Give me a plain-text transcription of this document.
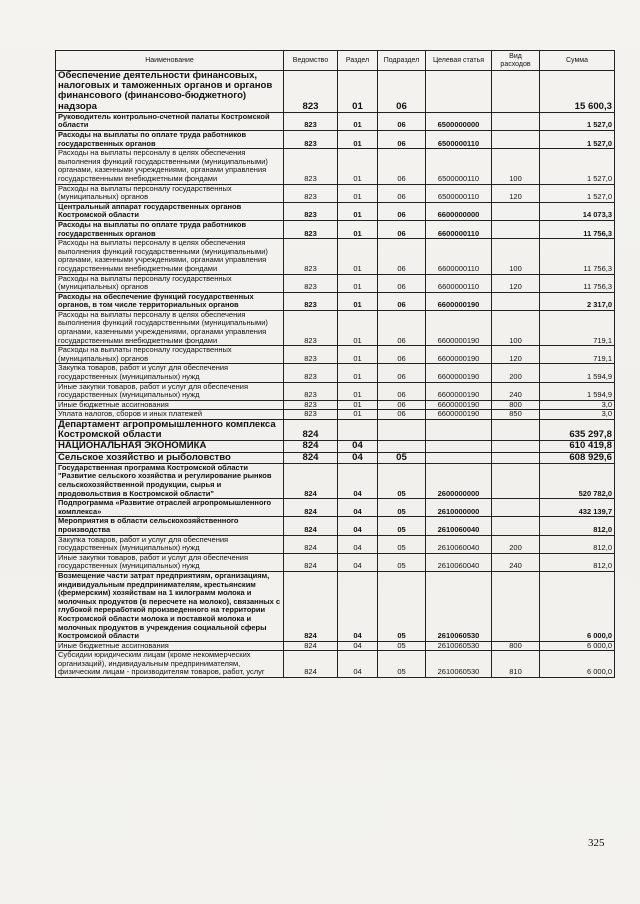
Наименование	Ведомство	Раздел	Подраздел	Целевая статья	Вид расходов	Сумма
Обеспечение деятельности финансовых, налоговых и таможенных органов и органов финансового (финансово-бюджетного) надзора	823	01	06			15 600,3
Руководитель контрольно-счетной палаты Костромской области	823	01	06	6500000000		1 527,0
Расходы на выплаты по оплате труда работников государственных органов	823	01	06	6500000110		1 527,0
Расходы на выплаты персоналу в целях обеспечения выполнения функций государственными (муниципальными) органами, казенными учреждениями, органами управления государственными внебюджетными фондами	823	01	06	6500000110	100	1 527,0
Расходы на выплаты персоналу государственных (муниципальных) органов	823	01	06	6500000110	120	1 527,0
Центральный аппарат государственных органов Костромской области	823	01	06	6600000000		14 073,3
Расходы на выплаты по оплате труда работников государственных органов	823	01	06	6600000110		11 756,3
Расходы на выплаты персоналу в целях обеспечения выполнения функций государственными (муниципальными) органами, казенными учреждениями, органами управления государственными внебюджетными фондами	823	01	06	6600000110	100	11 756,3
Расходы на выплаты персоналу государственных (муниципальных) органов	823	01	06	6600000110	120	11 756,3
Расходы на обеспечение функций государственных органов, в том числе территориальных органов	823	01	06	6600000190		2 317,0
Расходы на выплаты персоналу в целях обеспечения выполнения функций государственными (муниципальными) органами, казенными учреждениями, органами управления государственными внебюджетными фондами	823	01	06	6600000190	100	719,1
Расходы на выплаты персоналу государственных (муниципальных) органов	823	01	06	6600000190	120	719,1
Закупка товаров, работ и услуг для обеспечения государственных (муниципальных) нужд	823	01	06	6600000190	200	1 594,9
Иные закупки товаров, работ и услуг для обеспечения государственных (муниципальных) нужд	823	01	06	6600000190	240	1 594,9
Иные бюджетные ассигнования	823	01	06	6600000190	800	3,0
Уплата налогов, сборов и иных платежей	823	01	06	6600000190	850	3,0
Департамент агропромышленного комплекса Костромской области	824					635 297,8
НАЦИОНАЛЬНАЯ ЭКОНОМИКА	824	04				610 419,8
Сельское хозяйство и рыболовство	824	04	05			608 929,6
Государственная программа Костромской области "Развитие сельского хозяйства и регулирование рынков сельскохозяйственной продукции, сырья и продовольствия в Костромской области"	824	04	05	2600000000		520 782,0
Подпрограмма «Развитие отраслей агропромышленного комплекса»	824	04	05	2610000000		432 139,7
Мероприятия в области сельскохозяйственного производства	824	04	05	2610060040		812,0
Закупка товаров, работ и услуг для обеспечения государственных (муниципальных) нужд	824	04	05	2610060040	200	812,0
Иные закупки товаров, работ и услуг для обеспечения государственных (муниципальных) нужд	824	04	05	2610060040	240	812,0
Возмещение части затрат предприятиям, организациям, индивидуальным предпринимателям, крестьянским (фермерским) хозяйствам на 1 килограмм молока и молочных продуктов (в пересчете на молоко), связанных с глубокой переработкой произведенного на территории Костромской области молока и поставкой молока и молочных продуктов в учреждения социальной сферы Костромской области	824	04	05	2610060530		6 000,0
Иные бюджетные ассигнования	824	04	05	2610060530	800	6 000,0
Субсидии юридическим лицам (кроме некоммерческих организаций), индивидуальным предпринимателям, физическим лицам - производителям товаров, работ, услуг	824	04	05	2610060530	810	6 000,0
325
